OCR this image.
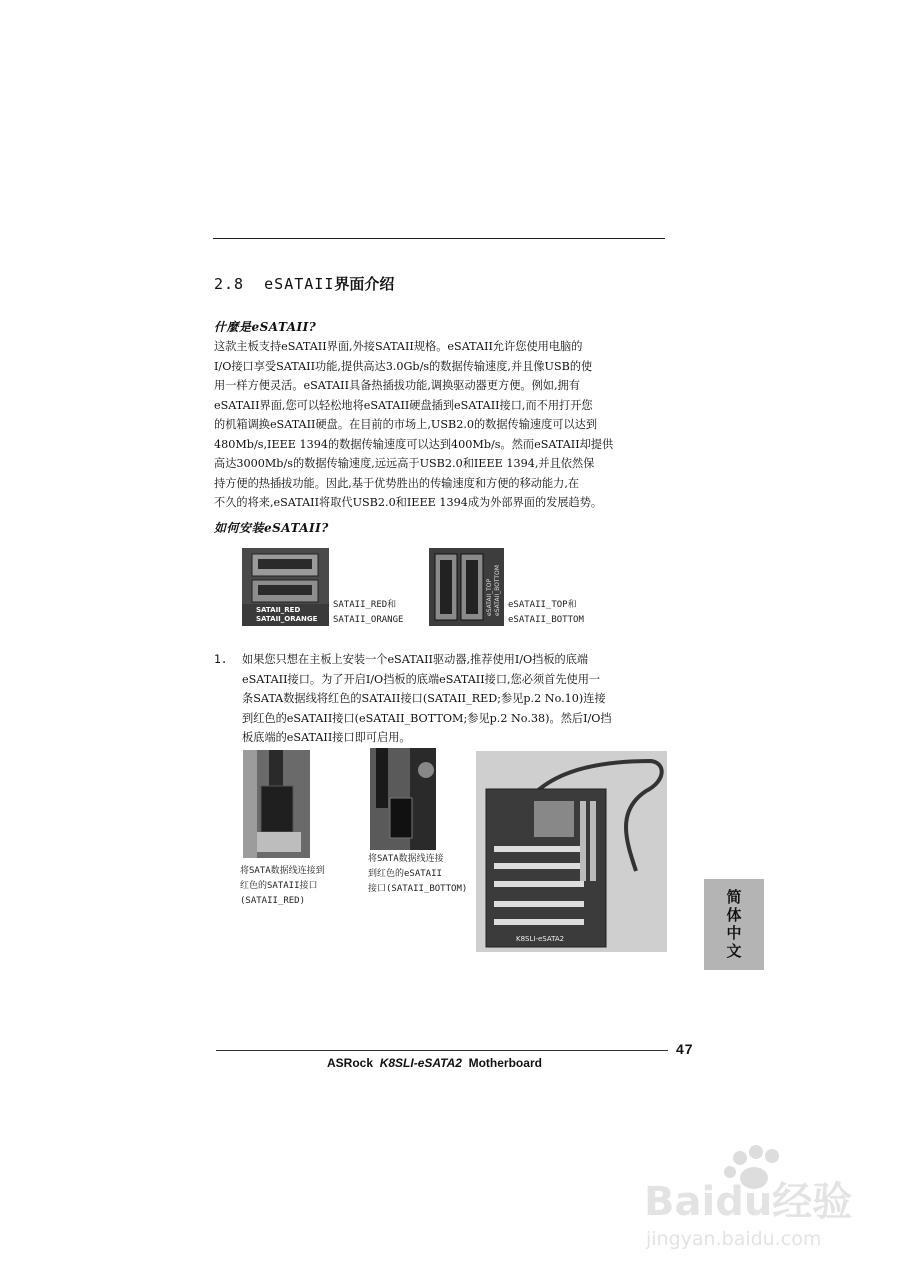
2.8 eSATAII界面介绍
什麼是eSATAII?
这款主板支持eSATAII界面,外接SATAII规格。eSATAII允许您使用电脑的
I/O接口享受SATAII功能,提供高达3.0Gb/s的数据传输速度,并且像USB的使
用一样方便灵活。eSATAII具备热插拔功能,调换驱动器更方便。例如,拥有
eSATAII界面,您可以轻松地将eSATAII硬盘插到eSATAII接口,而不用打开您
的机箱调换eSATAII硬盘。在目前的市场上,USB2.0的数据传输速度可以达到
480Mb/s,IEEE 1394的数据传输速度可以达到400Mb/s。然而eSATAII却提供
高达3000Mb/s的数据传输速度,远远高于USB2.0和IEEE 1394,并且依然保
持方便的热插拔功能。因此,基于优势胜出的传输速度和方便的移动能力,在
不久的将来,eSATAII将取代USB2.0和IEEE 1394成为外部界面的发展趋势。
如何安装eSATAII?
SATAII_RED
SATAII_ORANGE
SATAII_RED和
SATAII_ORANGE
eSATAII_TOP eSATAII_BOTTOM eSATAII_TOP和
eSATAII_BOTTOM
1. 如果您只想在主板上安装一个eSATAII驱动器,推荐使用I/O挡板的底端
eSATAII接口。为了开启I/O挡板的底端eSATAII接口,您必须首先使用一
条SATA数据线将红色的SATAII接口(SATAII_RED;参见p.2 No.10)连接
到红色的eSATAII接口(eSATAII_BOTTOM;参见p.2 No.38)。然后I/O挡
板底端的eSATAII接口即可启用。
将SATA数据线连接到
红色的SATAII接口
(SATAII_RED)
将SATA数据线连接
到红色的eSATAII
接口(SATAII_BOTTOM)
K8SLI-eSATA2	简体中文
47
ASRock K8SLI-eSATA2 Motherboard
Baidu经验
jingyan.baidu.com
